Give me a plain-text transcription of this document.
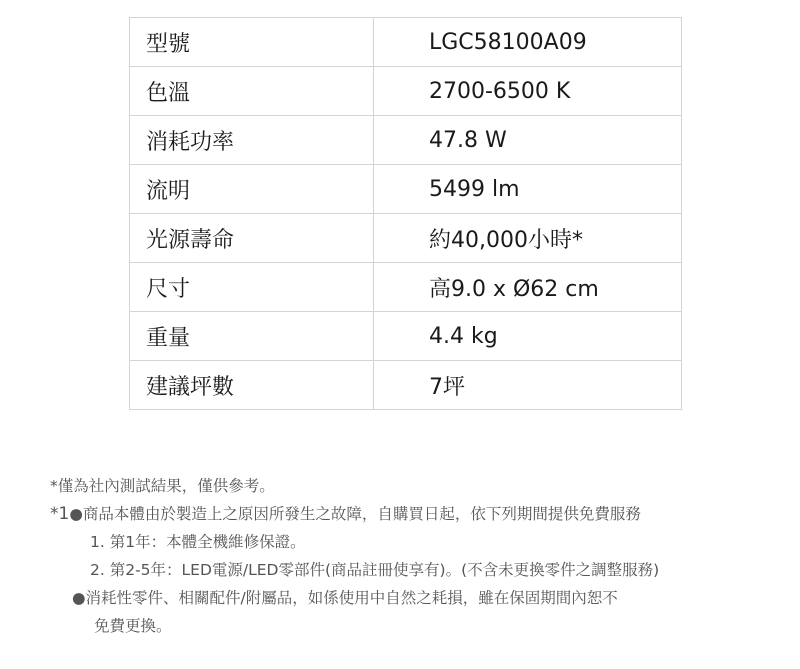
型號	LGC58100A09
色溫	2700-6500 K
消耗功率	47.8 W
流明	5499 lm
光源壽命	約40,000小時*
尺寸	高9.0 x Ø62 cm
重量	4.4 kg
建議坪數	7坪
*僅為社內測試結果，僅供參考。
*1●商品本體由於製造上之原因所發生之故障，自購買日起，依下列期間提供免費服務
1. 第1年：本體全機維修保證。
2. 第2-5年：LED電源/LED零部件(商品註冊使享有)。(不含未更換零件之調整服務)
●消耗性零件、相關配件/附屬品，如係使用中自然之耗損，雖在保固期間內恕不
免費更換。
